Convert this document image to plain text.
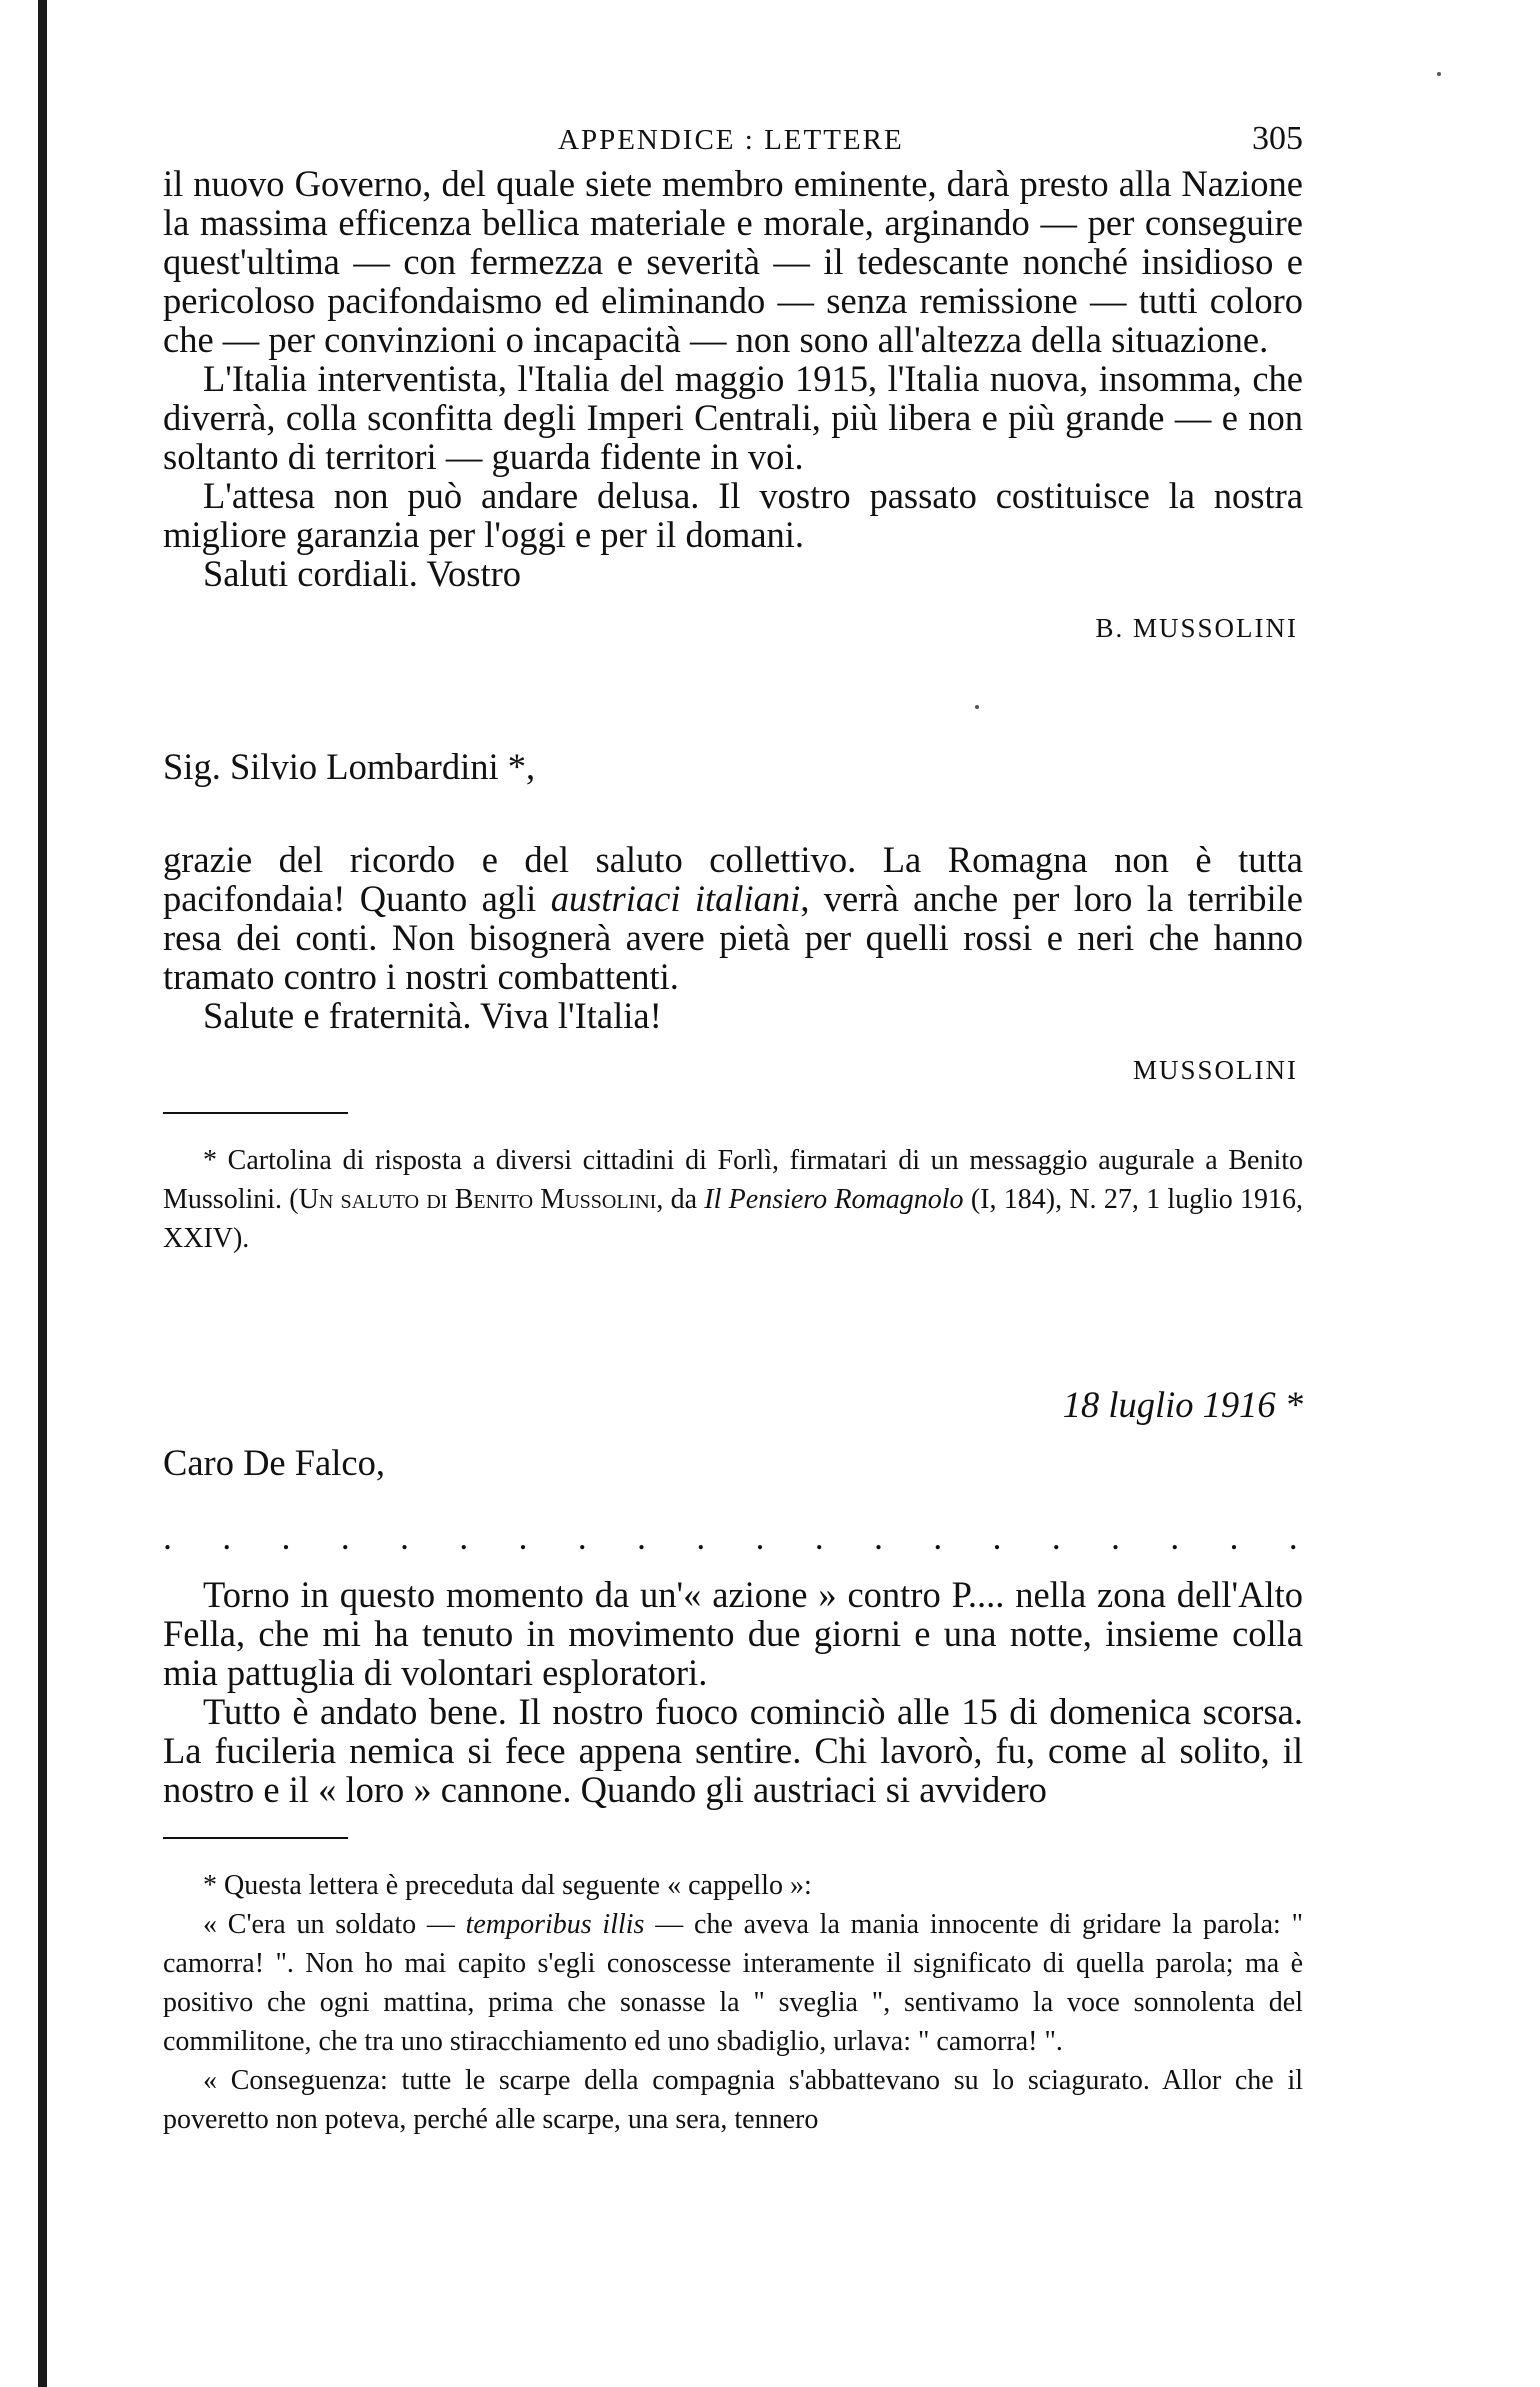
APPENDICE : LETTERE	305

il nuovo Governo, del quale siete membro eminente, darà presto alla Nazione la massima efficenza bellica materiale e morale, arginando — per conseguire quest'ultima — con fermezza e severità — il tedescante nonché insidioso e pericoloso pacifondaismo ed eliminando — senza remissione — tutti coloro che — per convinzioni o incapacità — non sono all'altezza della situazione.

L'Italia interventista, l'Italia del maggio 1915, l'Italia nuova, insomma, che diverrà, colla sconfitta degli Imperi Centrali, più libera e più grande — e non soltanto di territori — guarda fidente in voi.

L'attesa non può andare delusa. Il vostro passato costituisce la nostra migliore garanzia per l'oggi e per il domani.

Saluti cordiali. Vostro

B. MUSSOLINI
Sig. Silvio Lombardini *,

grazie del ricordo e del saluto collettivo. La Romagna non è tutta pacifondaia! Quanto agli austriaci italiani, verrà anche per loro la terribile resa dei conti. Non bisognerà avere pietà per quelli rossi e neri che hanno tramato contro i nostri combattenti.

Salute e fraternità. Viva l'Italia!

MUSSOLINI

* Cartolina di risposta a diversi cittadini di Forlì, firmatari di un messaggio augurale a Benito Mussolini. (Un saluto di Benito Mussolini, da Il Pensiero Romagnolo (I, 184), N. 27, 1 luglio 1916, XXIV).

18 luglio 1916 *
Caro De Falco,
. . . . . . . . . . . . . . . . . . . .

Torno in questo momento da un'« azione » contro P.... nella zona dell'Alto Fella, che mi ha tenuto in movimento due giorni e una notte, insieme colla mia pattuglia di volontari esploratori.

Tutto è andato bene. Il nostro fuoco cominciò alle 15 di domenica scorsa. La fucileria nemica si fece appena sentire. Chi lavorò, fu, come al solito, il nostro e il « loro » cannone. Quando gli austriaci si avvidero

* Questa lettera è preceduta dal seguente « cappello »:

« C'era un soldato — temporibus illis — che aveva la mania innocente di gridare la parola: " camorra! ". Non ho mai capito s'egli conoscesse interamente il significato di quella parola; ma è positivo che ogni mattina, prima che sonasse la " sveglia ", sentivamo la voce sonnolenta del commilitone, che tra uno stiracchiamento ed uno sbadiglio, urlava: " camorra! ".

« Conseguenza: tutte le scarpe della compagnia s'abbattevano su lo sciagurato. Allor che il poveretto non poteva, perché alle scarpe, una sera, tennero
